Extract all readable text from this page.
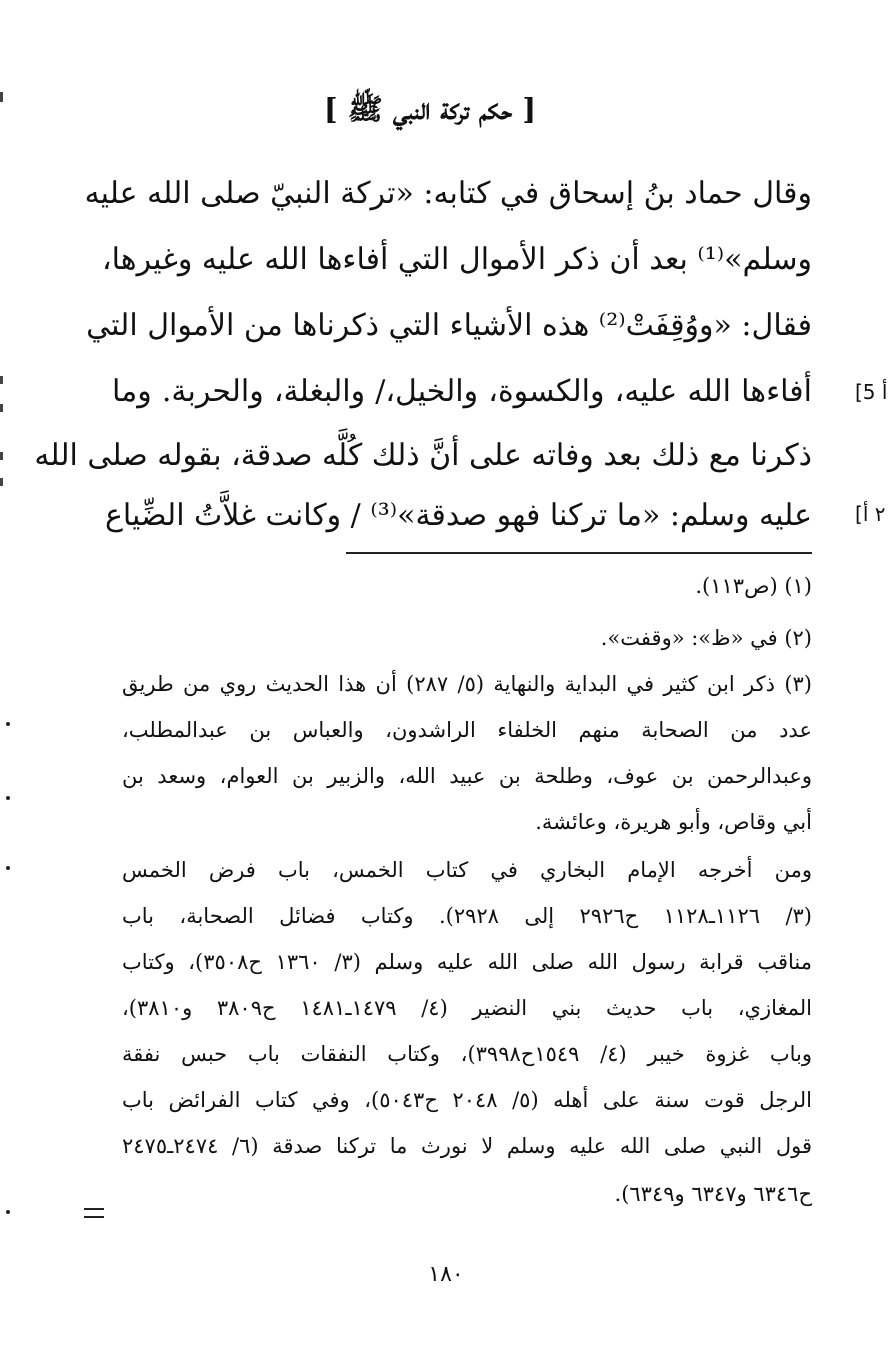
[ حكم تركة النبي ﷺ ]
وقال حماد بنُ إسحاق في كتابه: «تركة النبيّ صلى الله عليه
وسلم»⁽¹⁾ بعد أن ذكر الأموال التي أفاءها الله عليه وغيرها،
فقال: «ووُقِفَتْ⁽²⁾ هذه الأشياء التي ذكرناها من الأموال التي
أفاءها الله عليه، والكسوة، والخيل،/ والبغلة، والحربة. وما
ذكرنا مع ذلك بعد وفاته على أنَّ ذلك كُلَّه صدقة، بقوله صلى الله
عليه وسلم: «ما تركنا فهو صدقة»⁽³⁾ / وكانت غلاَّتُ الضِّياع
[5 أ
[٢ أ
(١) (ص١١٣).
(٢) في «ظ»: «وقفت».
(٣) ذكر ابن كثير في البداية والنهاية (٥/ ٢٨٧) أن هذا الحديث روي من طريق
عدد من الصحابة منهم الخلفاء الراشدون، والعباس بن عبدالمطلب،
وعبدالرحمن بن عوف، وطلحة بن عبيد الله، والزبير بن العوام، وسعد بن
أبي وقاص، وأبو هريرة، وعائشة.
ومن أخرجه الإمام البخاري في كتاب الخمس، باب فرض الخمس
(٣/ ١١٢٦ـ١١٢٨ ح٢٩٢٦ إلى ٢٩٢٨). وكتاب فضائل الصحابة، باب
مناقب قرابة رسول الله صلى الله عليه وسلم (٣/ ١٣٦٠ ح٣٥٠٨)، وكتاب
المغازي، باب حديث بني النضير (٤/ ١٤٧٩ـ١٤٨١ ح٣٨٠٩ و٣٨١٠)،
وباب غزوة خيبر (٤/ ١٥٤٩ح٣٩٩٨)، وكتاب النفقات باب حبس نفقة
الرجل قوت سنة على أهله (٥/ ٢٠٤٨ ح٥٠٤٣)، وفي كتاب الفرائض باب
قول النبي صلى الله عليه وسلم لا نورث ما تركنا صدقة (٦/ ٢٤٧٤ـ٢٤٧٥
ح٦٣٤٦ و٦٣٤٧ و٦٣٤٩).
١٨٠
